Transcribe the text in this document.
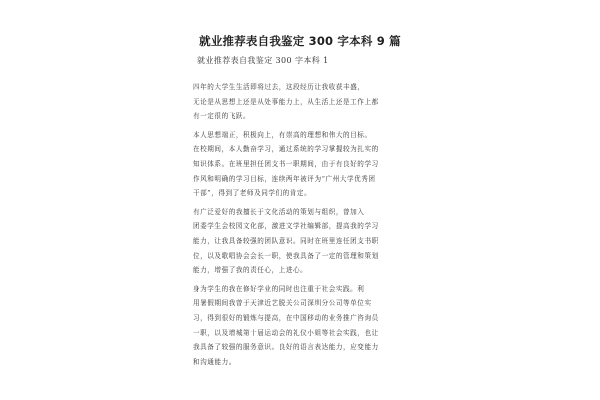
就业推荐表自我鉴定 300 字本科 9 篇
就业推荐表自我鉴定 300 字本科 1
四年的大学生生活即将过去，这段经历让我收获丰盛，
无论是从思想上还是从处事能力上，从生活上还是工作上都
有一定很的飞跃。
本人思想端正，积极向上，有崇高的理想和伟大的目标。
在校期间，本人勤奋学习，通过系统的学习掌握较为扎实的
知识体系。在班里担任团支书一职期间，由于有良好的学习
作风和明确的学习目标，连续两年被评为“广州大学优秀团
干部”，得到了老师及同学们的肯定。
有广泛爱好的我擅长于文化活动的策划与组织，曾加入
团委学生会校园文化部，激进文学社编辑部，提高我的学习
能力，让我具备较强的团队意识。同时在班里连任团支书职
位，以及歌唱协会会长一职，使我具备了一定的管理和策划
能力，增强了我的责任心，上进心。
身为学生的我在修好学业的同时也注重于社会实践。利
用暑假期间我曾于天津近艺脱关公司深圳分公司等单位实
习，得到很好的锻炼与提高，在中国移动的业务推广咨询员
一职，以及增城第十届运动会的礼仪小姐等社会实践，也让
我具备了较强的服务意识。良好的语言表达能力，应变能力
和沟通能力。
